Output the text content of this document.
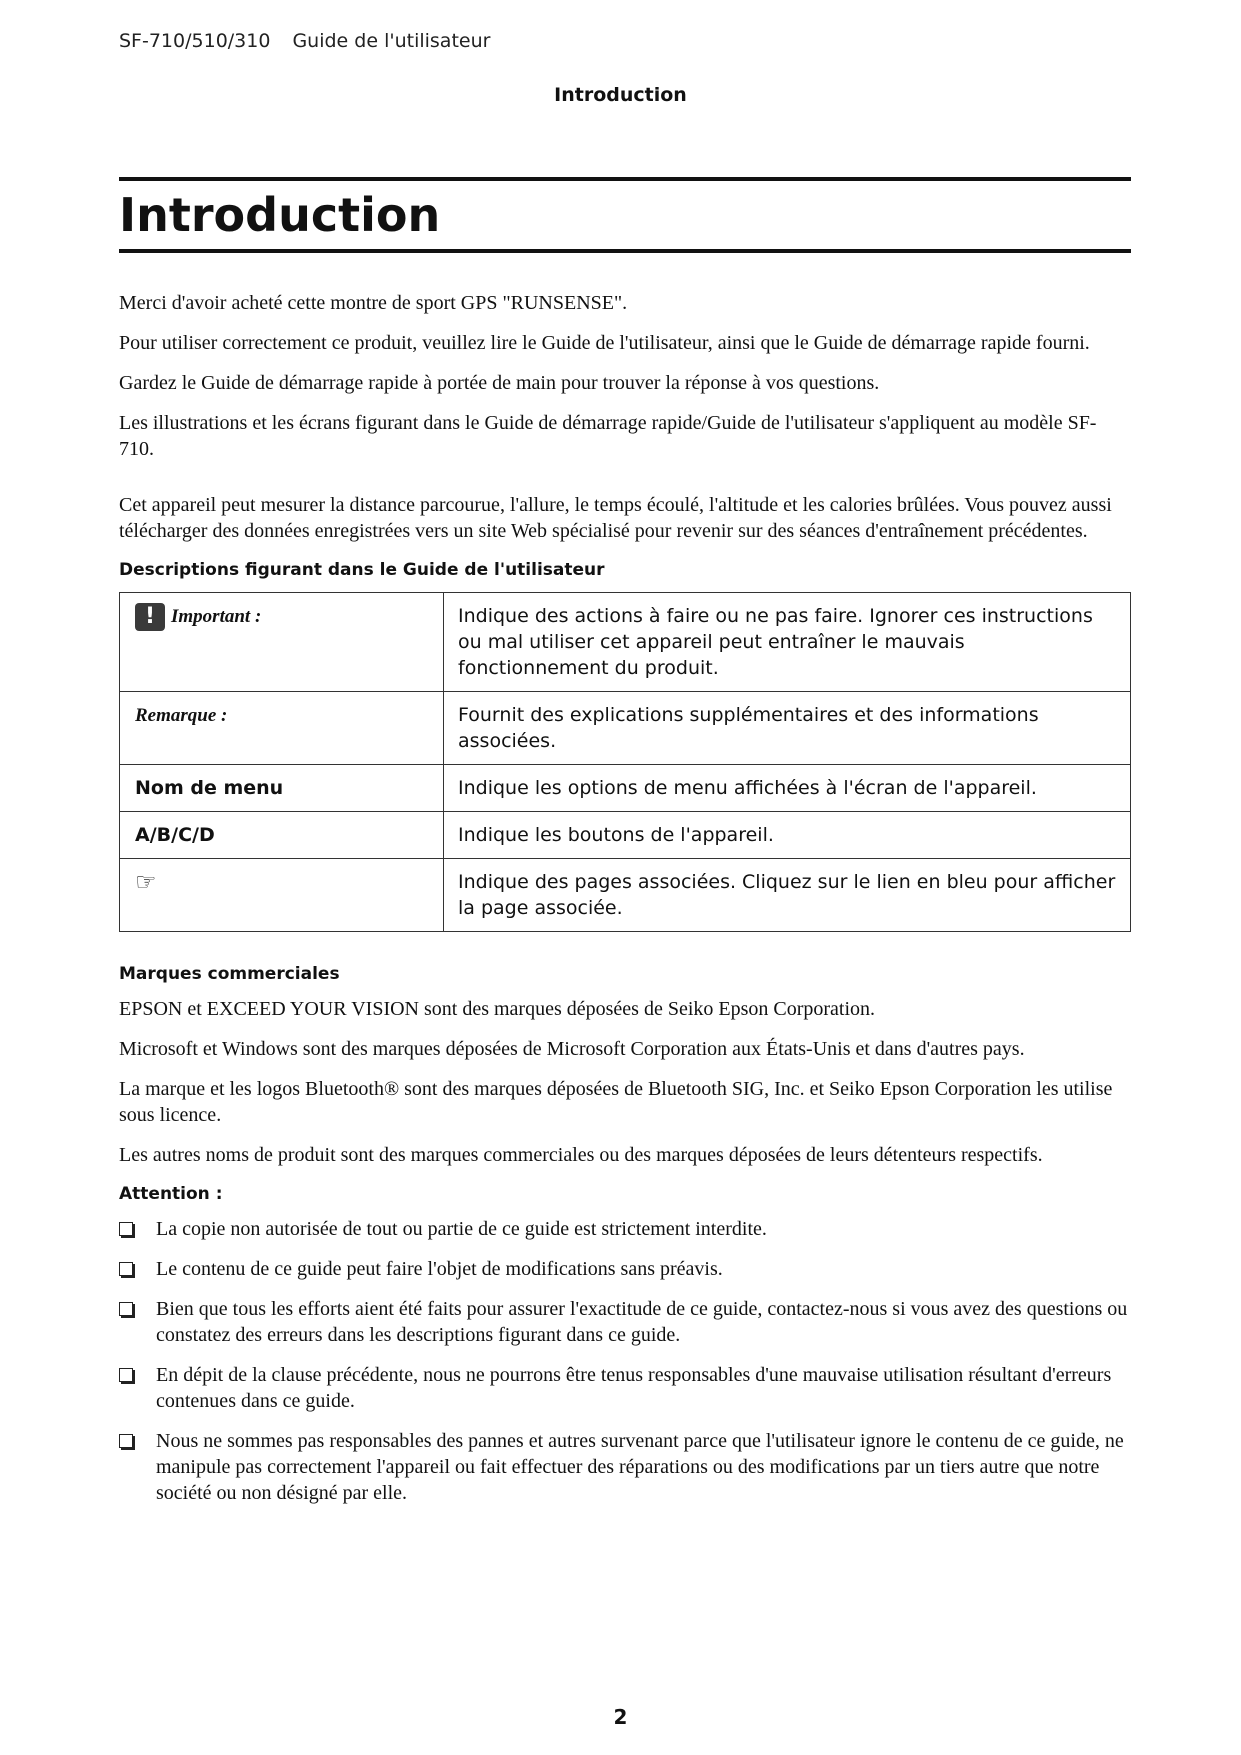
SF-710/510/310 Guide de l'utilisateur
Introduction
Introduction

Merci d'avoir acheté cette montre de sport GPS "RUNSENSE".

Pour utiliser correctement ce produit, veuillez lire le Guide de l'utilisateur, ainsi que le Guide de démarrage rapide fourni.

Gardez le Guide de démarrage rapide à portée de main pour trouver la réponse à vos questions.

Les illustrations et les écrans figurant dans le Guide de démarrage rapide/Guide de l'utilisateur s'appliquent au modèle SF-710.

Cet appareil peut mesurer la distance parcourue, l'allure, le temps écoulé, l'altitude et les calories brûlées. Vous pouvez aussi télécharger des données enregistrées vers un site Web spécialisé pour revenir sur des séances d'entraînement précédentes.

Descriptions figurant dans le Guide de l'utilisateur
! Important :	Indique des actions à faire ou ne pas faire. Ignorer ces instructions ou mal utiliser cet appareil peut entraîner le mauvais fonctionnement du produit.
Remarque :	Fournit des explications supplémentaires et des informations associées.
Nom de menu	Indique les options de menu affichées à l'écran de l'appareil.
A/B/C/D	Indique les boutons de l'appareil.
☞	Indique des pages associées. Cliquez sur le lien en bleu pour afficher la page associée.
Marques commerciales

EPSON et EXCEED YOUR VISION sont des marques déposées de Seiko Epson Corporation.

Microsoft et Windows sont des marques déposées de Microsoft Corporation aux États-Unis et dans d'autres pays.

La marque et les logos Bluetooth® sont des marques déposées de Bluetooth SIG, Inc. et Seiko Epson Corporation les utilise sous licence.

Les autres noms de produit sont des marques commerciales ou des marques déposées de leurs détenteurs respectifs.

Attention :
La copie non autorisée de tout ou partie de ce guide est strictement interdite.
Le contenu de ce guide peut faire l'objet de modifications sans préavis.
Bien que tous les efforts aient été faits pour assurer l'exactitude de ce guide, contactez-nous si vous avez des questions ou constatez des erreurs dans les descriptions figurant dans ce guide.
En dépit de la clause précédente, nous ne pourrons être tenus responsables d'une mauvaise utilisation résultant d'erreurs contenues dans ce guide.
Nous ne sommes pas responsables des pannes et autres survenant parce que l'utilisateur ignore le contenu de ce guide, ne manipule pas correctement l'appareil ou fait effectuer des réparations ou des modifications par un tiers autre que notre société ou non désigné par elle.
2
